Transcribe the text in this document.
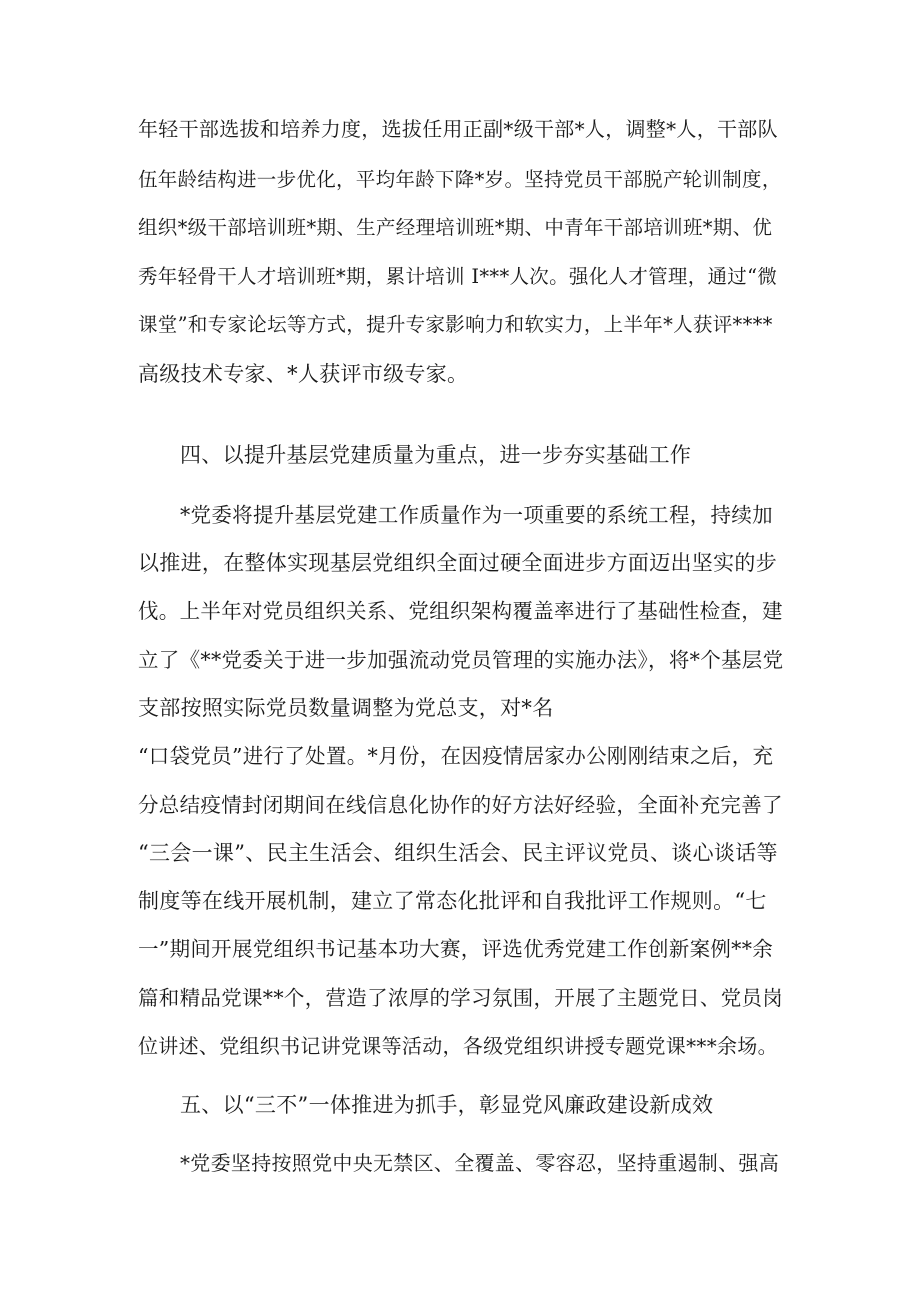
年轻干部选拔和培养力度，选拔任用正副*级干部*人，调整*人，干部队
伍年龄结构进一步优化，平均年龄下降*岁。坚持党员干部脱产轮训制度，
组织*级干部培训班*期、生产经理培训班*期、中青年干部培训班*期、优
秀年轻骨干人才培训班*期，累计培训 I***人次。强化人才管理，通过“微
课堂”和专家论坛等方式，提升专家影响力和软实力，上半年*人获评****
高级技术专家、*人获评市级专家。
四、以提升基层党建质量为重点，进一步夯实基础工作
*党委将提升基层党建工作质量作为一项重要的系统工程，持续加
以推进，在整体实现基层党组织全面过硬全面进步方面迈出坚实的步
伐。上半年对党员组织关系、党组织架构覆盖率进行了基础性检查，建
立了《**党委关于进一步加强流动党员管理的实施办法》，将*个基层党
支部按照实际党员数量调整为党总支，对*名
“口袋党员”进行了处置。*月份，在因疫情居家办公刚刚结束之后，充
分总结疫情封闭期间在线信息化协作的好方法好经验，全面补充完善了
“三会一课”、民主生活会、组织生活会、民主评议党员、谈心谈话等
制度等在线开展机制，建立了常态化批评和自我批评工作规则。“七
一”期间开展党组织书记基本功大赛，评选优秀党建工作创新案例**余
篇和精品党课**个，营造了浓厚的学习氛围，开展了主题党日、党员岗
位讲述、党组织书记讲党课等活动，各级党组织讲授专题党课***余场。
五、以“三不”一体推进为抓手，彰显党风廉政建设新成效
*党委坚持按照党中央无禁区、全覆盖、零容忍，坚持重遏制、强高
